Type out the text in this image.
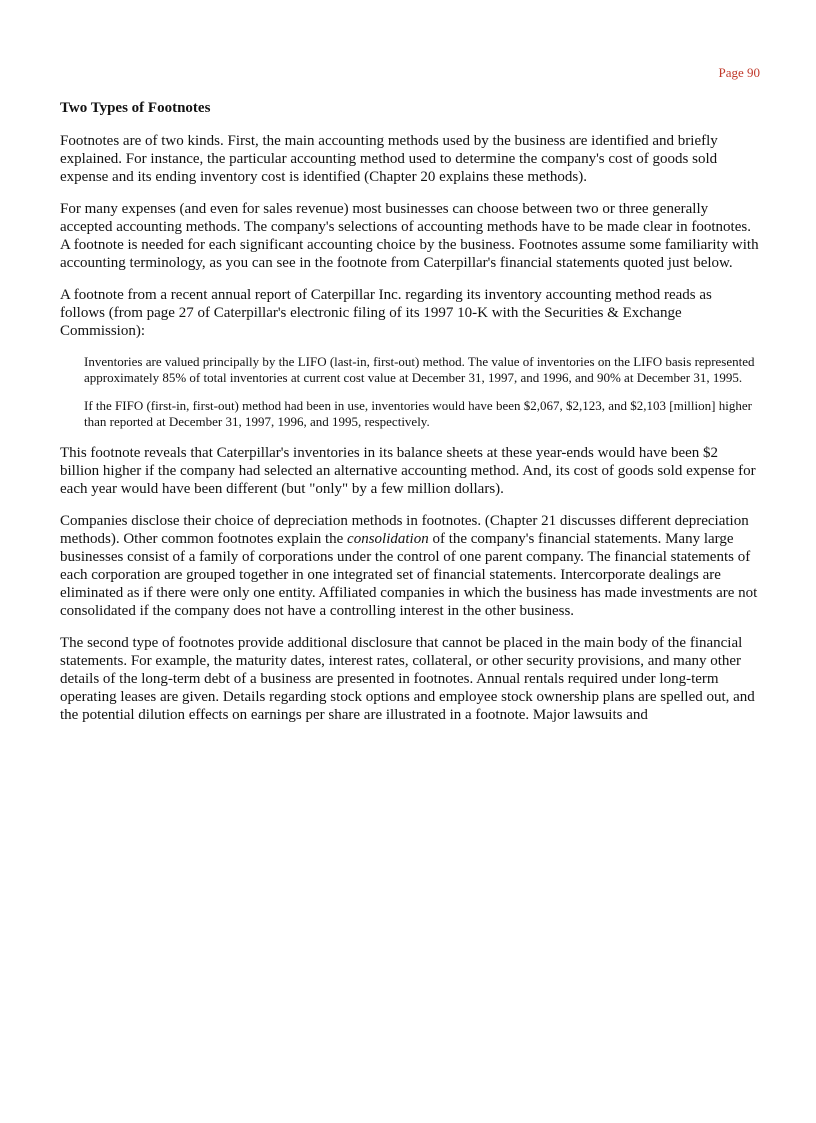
Page 90
Two Types of Footnotes

Footnotes are of two kinds. First, the main accounting methods used by the business are identified and briefly explained. For instance, the particular accounting method used to determine the company's cost of goods sold expense and its ending inventory cost is identified (Chapter 20 explains these methods).

For many expenses (and even for sales revenue) most businesses can choose between two or three generally accepted accounting methods. The company's selections of accounting methods have to be made clear in footnotes. A footnote is needed for each significant accounting choice by the business. Footnotes assume some familiarity with accounting terminology, as you can see in the footnote from Caterpillar's financial statements quoted just below.

A footnote from a recent annual report of Caterpillar Inc. regarding its inventory accounting method reads as follows (from page 27 of Caterpillar's electronic filing of its 1997 10-K with the Securities & Exchange Commission):

Inventories are valued principally by the LIFO (last-in, first-out) method. The value of inventories on the LIFO basis represented approximately 85% of total inventories at current cost value at December 31, 1997, and 1996, and 90% at December 31, 1995.

If the FIFO (first-in, first-out) method had been in use, inventories would have been $2,067, $2,123, and $2,103 [million] higher than reported at December 31, 1997, 1996, and 1995, respectively.

This footnote reveals that Caterpillar's inventories in its balance sheets at these year-ends would have been $2 billion higher if the company had selected an alternative accounting method. And, its cost of goods sold expense for each year would have been different (but "only" by a few million dollars).

Companies disclose their choice of depreciation methods in footnotes. (Chapter 21 discusses different depreciation methods). Other common footnotes explain the consolidation of the company's financial statements. Many large businesses consist of a family of corporations under the control of one parent company. The financial statements of each corporation are grouped together in one integrated set of financial statements. Intercorporate dealings are eliminated as if there were only one entity. Affiliated companies in which the business has made investments are not consolidated if the company does not have a controlling interest in the other business.

The second type of footnotes provide additional disclosure that cannot be placed in the main body of the financial statements. For example, the maturity dates, interest rates, collateral, or other security provisions, and many other details of the long-term debt of a business are presented in footnotes. Annual rentals required under long-term operating leases are given. Details regarding stock options and employee stock ownership plans are spelled out, and the potential dilution effects on earnings per share are illustrated in a footnote. Major lawsuits and
